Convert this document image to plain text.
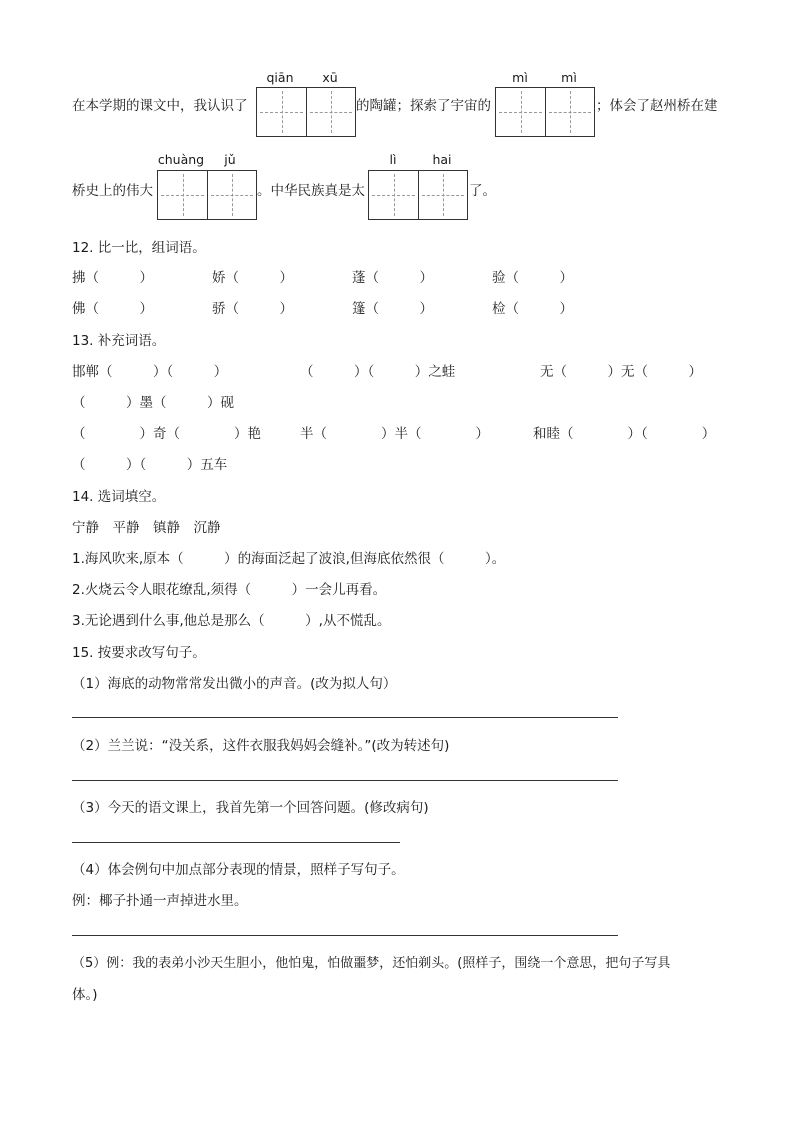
在本学期的课文中，我认识了
qiān	xū
的陶罐；探索了宇宙的
mì	mì
；体会了赵州桥在建
桥史上的伟大
chuàng	jǔ
。中华民族真是太
lì	hai
了。
12. 比一比，组词语。
拂（　　　）	娇（　　　）	蓬（　　　）	验（　　　）
佛（　　　）	骄（　　　）	篷（　　　）	检（　　　）
13. 补充词语。
邯郸（　　　）（　　　）	（　　　）（　　　）之蛙	无（　　　）无（　　　）
（　　　）墨（　　　）砚
（　　　　）奇（　　　　）艳	半（　　　　）半（　　　　）	和睦（　　　　）（　　　　）
（　　　）（　　　）五车
14. 选词填空。
宁静　平静　镇静　沉静
1.海风吹来,原本（　　　）的海面泛起了波浪,但海底依然很（　　　）。
2.火烧云令人眼花缭乱,须得（　　　）一会儿再看。
3.无论遇到什么事,他总是那么（　　　）,从不慌乱。
15. 按要求改写句子。
（1）海底的动物常常发出微小的声音。(改为拟人句）
（2）兰兰说：“没关系，这件衣服我妈妈会缝补。”(改为转述句)
（3）今天的语文课上，我首先第一个回答问题。(修改病句)
（4）体会例句中加点部分表现的情景，照样子写句子。
例：椰子扑通一声掉进水里。
（5）例：我的表弟小沙天生胆小，他怕鬼，怕做噩梦，还怕剃头。(照样子，围绕一个意思，把句子写具
体。)
